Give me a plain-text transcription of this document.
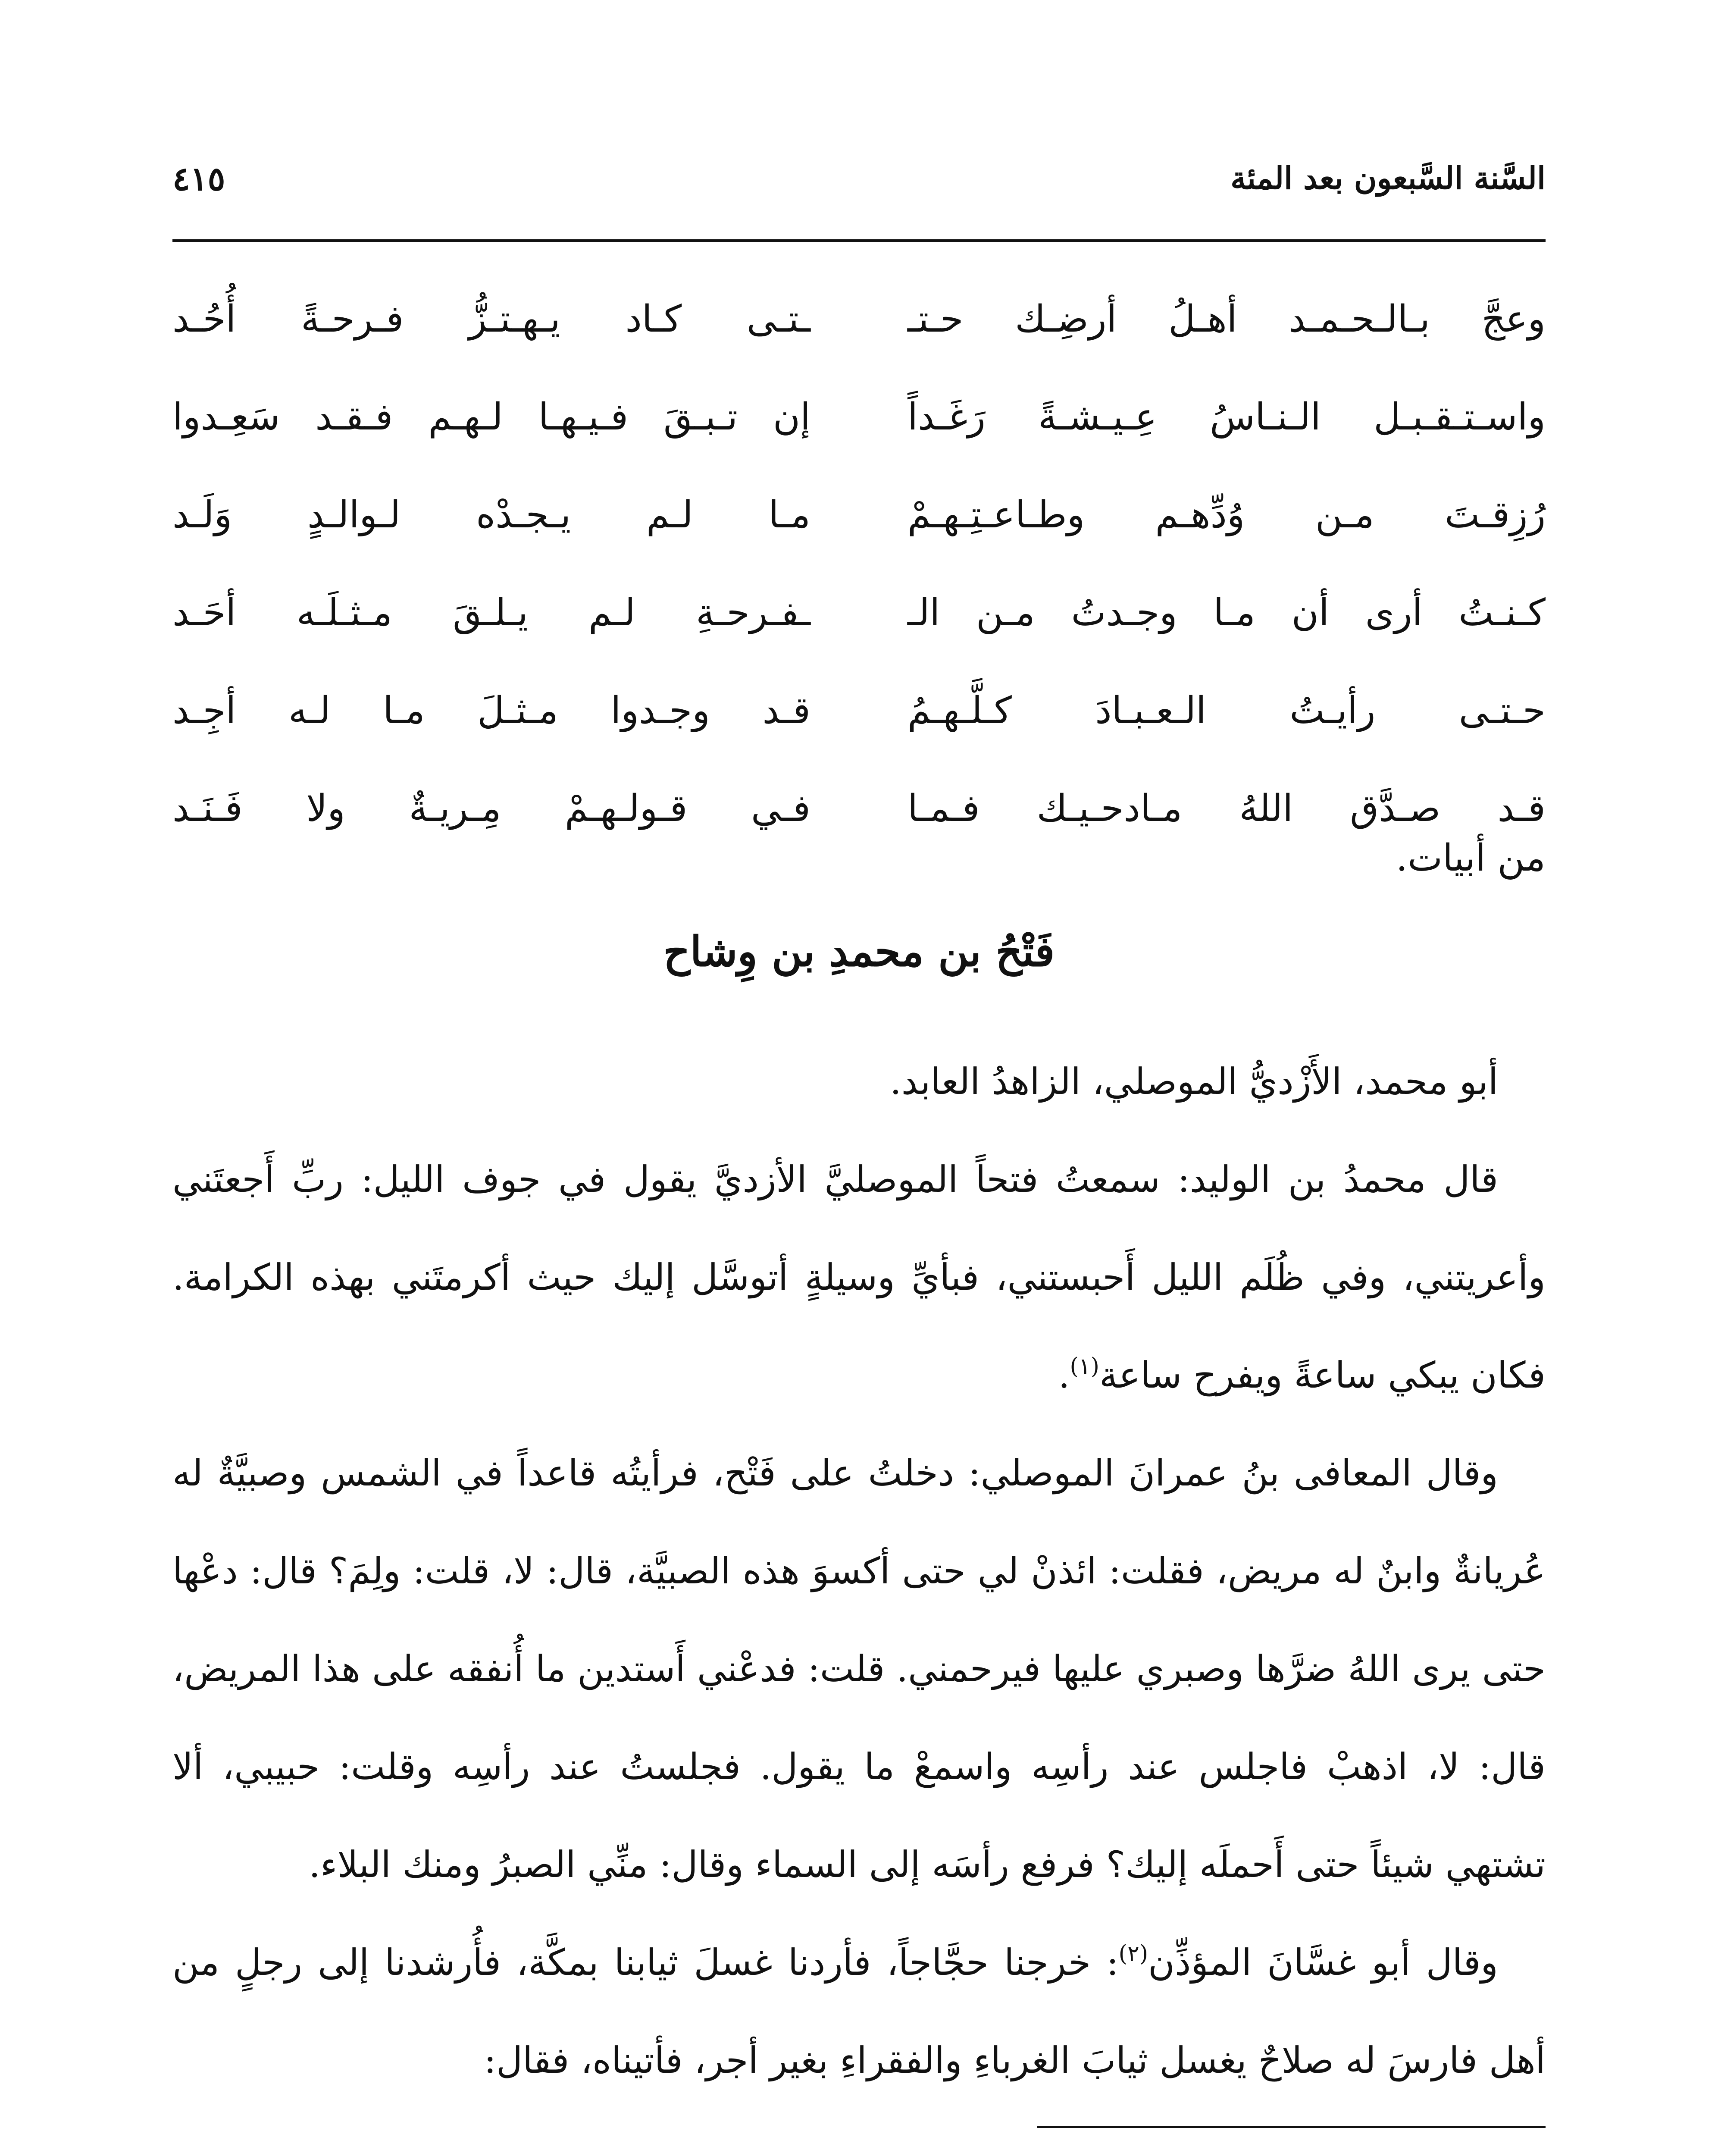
السَّنة السَّبعون بعد المئة
٤١٥
وعجَّ بـالـحـمـد أهـلُ أرضِـك حـتـ
ـتـى كـاد يـهـتـزُّ فـرحـةً أُحُـد
واسـتـقـبـل الـنـاسُ عِـيـشـةً رَغَـداً
إن تـبـقَ فـيـهـا لـهـم فـقـد سَعِـدوا
رُزِقـتَ مـن وُدِّهـم وطـاعـتِـهـمْ
مـا لـم يـجـدْه لـوالـدٍ وَلَـد
كـنـتُ أرى أن مـا وجـدتُ مـن الـ
ـفـرحـةِ لـم يـلـقَ مـثـلَـه أحَـد
حـتـى رأيـتُ الـعـبـادَ كـلَّـهـمُ
قـد وجـدوا مـثـلَ مـا لـه أجِـد
قـد صـدَّق اللهُ مـادحـيـك فـمـا
فـي قـولـهـمْ مِـريـةٌ ولا فَـنَـد
من أبيات.
فَتْحُ بن محمدِ بن وِشاح

أبو محمد، الأَزْديُّ الموصلي، الزاهدُ العابد.

قال محمدُ بن الوليد: سمعتُ فتحاً الموصليَّ الأزديَّ يقول في جوف الليل: ربِّ أَجعتَني وأعريتني، وفي ظُلَم الليل أَحبستني، فبأيِّ وسيلةٍ أتوسَّل إليك حيث أكرمتَني بهذه الكرامة. فكان يبكي ساعةً ويفرح ساعة$^{(١)}$.

وقال المعافى بنُ عمرانَ الموصلي: دخلتُ على فَتْح، فرأيتُه قاعداً في الشمس وصبيَّةٌ له عُريانةٌ وابنٌ له مريض، فقلت: ائذنْ لي حتى أكسوَ هذه الصبيَّة، قال: لا، قلت: ولِمَ؟ قال: دعْها حتى يرى اللهُ ضرَّها وصبري عليها فيرحمني. قلت: فدعْني أَستدين ما أُنفقه على هذا المريض، قال: لا، اذهبْ فاجلس عند رأسِه واسمعْ ما يقول. فجلستُ عند رأسِه وقلت: حبيبي، ألا تشتهي شيئاً حتى أَحملَه إليك؟ فرفع رأسَه إلى السماء وقال: منِّي الصبرُ ومنك البلاء.

وقال أبو غسَّانَ المؤذِّن$^{(٢)}$: خرجنا حجَّاجاً، فأردنا غسلَ ثيابنا بمكَّة، فأُرشدنا إلى رجلٍ من أهل فارسَ له صلاحٌ يغسل ثيابَ الغرباءِ والفقراءِ بغير أجر، فأتيناه، فقال:
